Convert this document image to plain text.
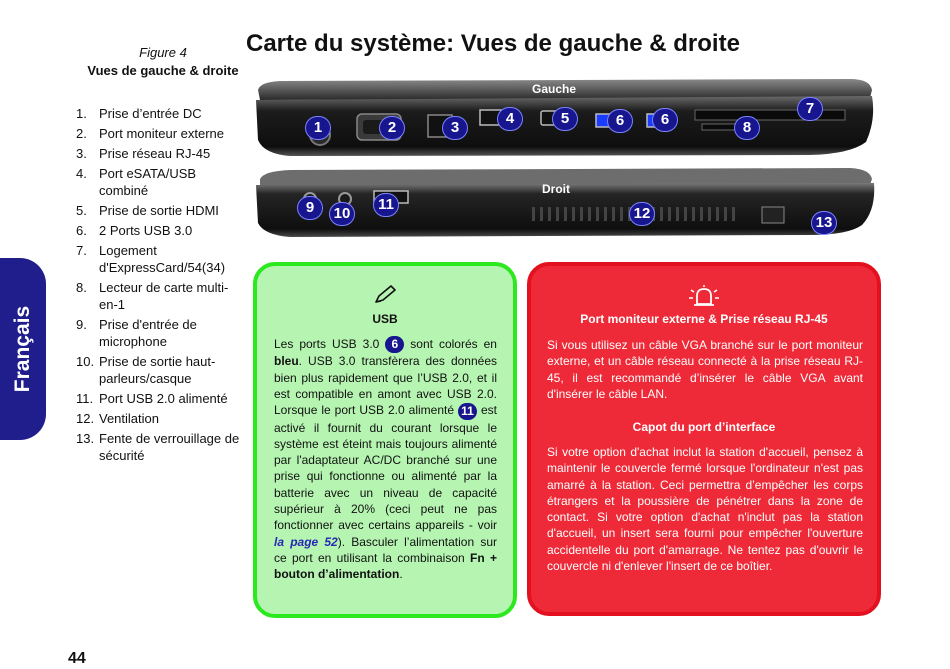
Français
Figure 4
Vues de gauche & droite
1. Prise d’entrée DC
2. Port moniteur externe
3. Prise réseau RJ-45
4. Port eSATA/USB combiné
5. Prise de sortie HDMI
6. 2 Ports USB 3.0
7. Logement d'ExpressCard/54(34)
8. Lecteur de carte multi-en-1
9. Prise d'entrée de microphone
10. Prise de sortie haut-parleurs/casque
11. Port USB 2.0 alimenté
12. Ventilation
13. Fente de verrouillage de sécurité
Carte du système: Vues de gauche & droite
Gauche
1	2	3
4	5	6	6
7
8
Droit
9	10
11
12
13
USB
Les ports USB 3.0 6 sont colorés en bleu. USB 3.0 transfèrera des données bien plus rapidement que l’USB 2.0, et il est compatible en amont avec USB 2.0. Lorsque le port USB 2.0 alimenté 11 est activé il fournit du courant lorsque le système est éteint mais toujours alimenté par l'adaptateur AC/DC branché sur une prise qui fonctionne ou alimenté par la batterie avec un niveau de capacité supérieur à 20% (ceci peut ne pas fonctionner avec certains appareils - voir la page 52). Basculer l’alimentation sur ce port en utilisant la combinaison Fn + bouton d’alimentation.
Port moniteur externe & Prise réseau RJ-45
Si vous utilisez un câble VGA branché sur le port moniteur externe, et un câble réseau connecté à la prise réseau RJ-45, il est recommandé d’insérer le câble VGA avant d'insérer le câble LAN.
Capot du port d’interface
Si votre option d'achat inclut la station d'accueil, pensez à maintenir le couvercle fermé lorsque l'ordinateur n'est pas amarré à la station. Ceci permettra d’empêcher les corps étrangers et la poussière de pénétrer dans la zone de contact. Si votre option d'achat n'inclut pas la station d'accueil, un insert sera fourni pour empêcher l'ouverture accidentelle du port d'amarrage. Ne tentez pas d'ouvrir le couvercle ni d'enlever l'insert de ce boîtier.
44
